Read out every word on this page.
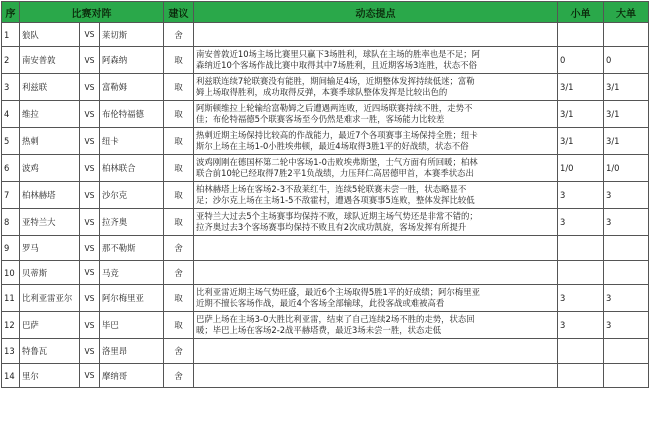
序	比赛对阵			建议	动态提点	小单	大单
1	狼队	VS	莱切斯	舍			
2	南安普敦	VS	阿森纳	取	南安普敦近10场主场比赛里只赢下3场胜利，球队在主场的胜率也是不足；阿
森纳近10个客场作战比赛中取得其中7场胜利，且近期客场3连胜，状态不俗	0	0
3	利兹联	VS	富勒姆	取	利兹联连续7轮联赛没有能胜，期间输足4场，近期整体发挥持续低迷；富勒
姆上场取得胜利，成功取得反弹，本赛季球队整体发挥是比较出色的	3/1	3/1
4	维拉	VS	布伦特福德	取	阿斯顿维拉上轮输给富勒姆之后遭遇两连败，近四场联赛持续不胜，走势不
佳；布伦特福德5个联赛客场至今仍然是难求一胜，客场能力比较差	3/1	3/1
5	热刺	VS	纽卡	取	热刺近期主场保持比较高的作战能力，最近7个各项赛事主场保持全胜；纽卡
斯尔上场在主场1-0小胜埃弗顿，最近4场取得3胜1平的好战绩，状态不俗	3/1	3/1
6	波鸡	VS	柏林联合	取	波鸡刚刚在德国杯第二轮中客场1-0击败埃弗斯堡，士气方面有所回暖；柏林
联合前10轮已经取得7胜2平1负战绩，力压拜仁高居德甲首，本赛季状态出	1/0	1/0
7	柏林赫塔	VS	沙尔克	取	柏林赫塔上场在客场2-3不敌莱红牛，连续5轮联赛未尝一胜，状态略显不
足；沙尔克上场在主场1-5不敌霍村，遭遇各项赛事5连败，整体发挥比较低	3	3
8	亚特兰大	VS	拉齐奥	取	亚特兰大过去5个主场赛事均保持不败，球队近期主场气势还是非常不错的；
拉齐奥过去3个客场赛事均保持不败且有2次成功凯旋，客场发挥有所提升	3	3
9	罗马	VS	那不勒斯	舍			
10	贝蒂斯	VS	马竞	舍			
11	比利亚雷亚尔	VS	阿尔梅里亚	取	比利亚雷近期主场气势旺盛，最近6个主场取得5胜1平的好成绩；阿尔梅里亚
近期不擅长客场作战，最近4个客场全部输球，此役客战或难被高看	3	3
12	巴萨	VS	毕巴	取	巴萨上场在主场3-0大胜比利亚雷，结束了自己连续2场不胜的走势，状态回
暖；毕巴上场在客场2-2战平赫塔费，最近3场未尝一胜，状态走低	3	3
13	特鲁瓦	VS	洛里昂	舍			
14	里尔	VS	摩纳哥	舍			
